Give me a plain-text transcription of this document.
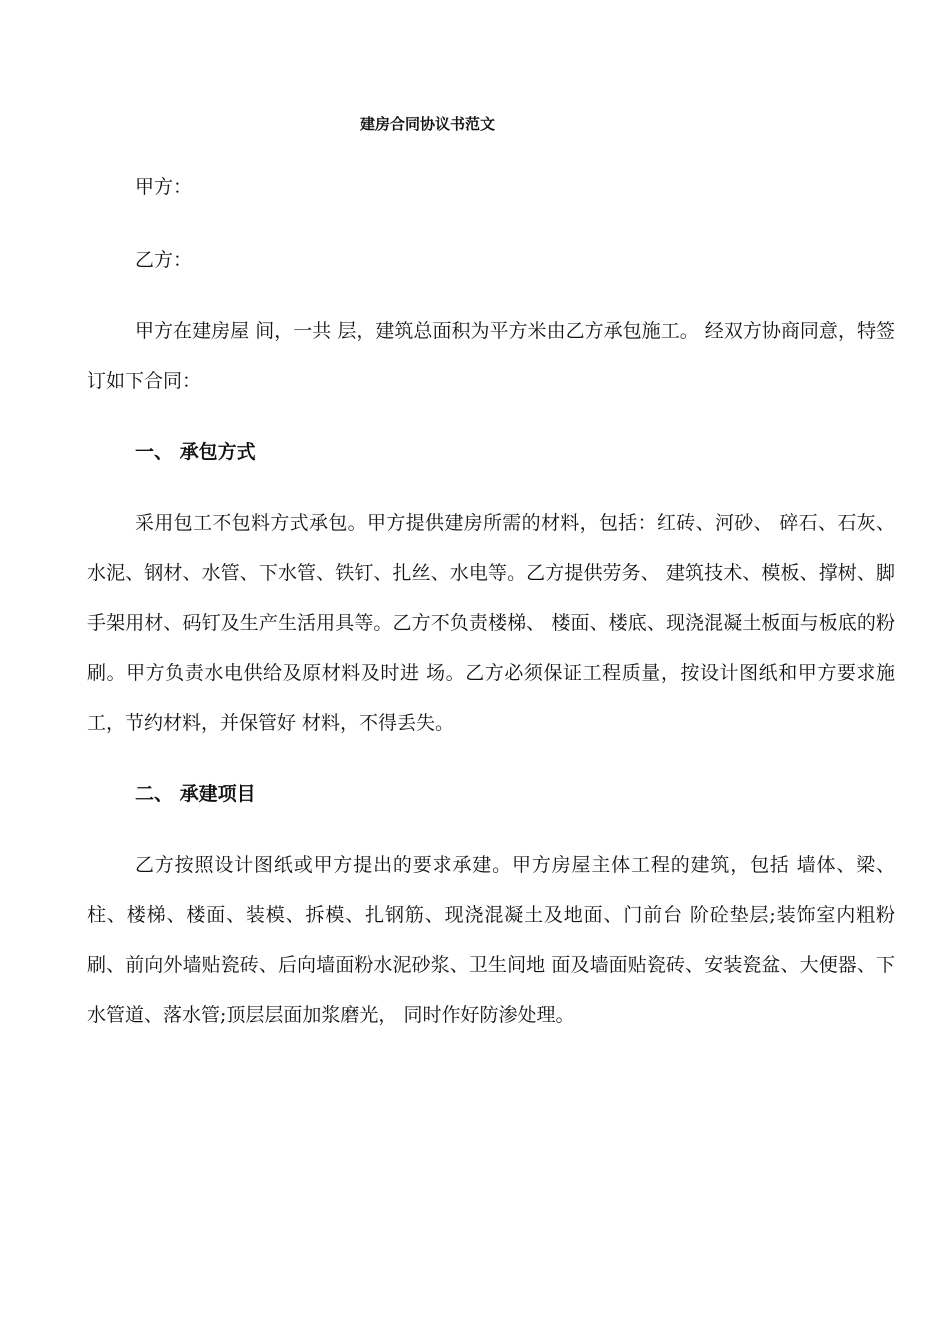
建房合同协议书范文

甲方：

乙方：

甲方在建房屋 间，一共 层，建筑总面积为平方米由乙方承包施工。 经双方协商同意，特签订如下合同：

一、 承包方式

采用包工不包料方式承包。甲方提供建房所需的材料，包括：红砖、河砂、 碎石、石灰、水泥、钢材、水管、下水管、铁钉、扎丝、水电等。乙方提供劳务、 建筑技术、模板、撑树、脚手架用材、码钉及生产生活用具等。乙方不负责楼梯、 楼面、楼底、现浇混凝土板面与板底的粉刷。甲方负责水电供给及原材料及时进 场。乙方必须保证工程质量，按设计图纸和甲方要求施工，节约材料，并保管好 材料，不得丢失。

二、 承建项目

乙方按照设计图纸或甲方提出的要求承建。甲方房屋主体工程的建筑，包括 墙体、梁、柱、楼梯、楼面、装模、拆模、扎钢筋、现浇混凝土及地面、门前台 阶砼垫层;装饰室内粗粉刷、前向外墙贴瓷砖、后向墙面粉水泥砂浆、卫生间地 面及墙面贴瓷砖、安装瓷盆、大便器、下水管道、落水管;顶层层面加浆磨光， 同时作好防渗处理。
